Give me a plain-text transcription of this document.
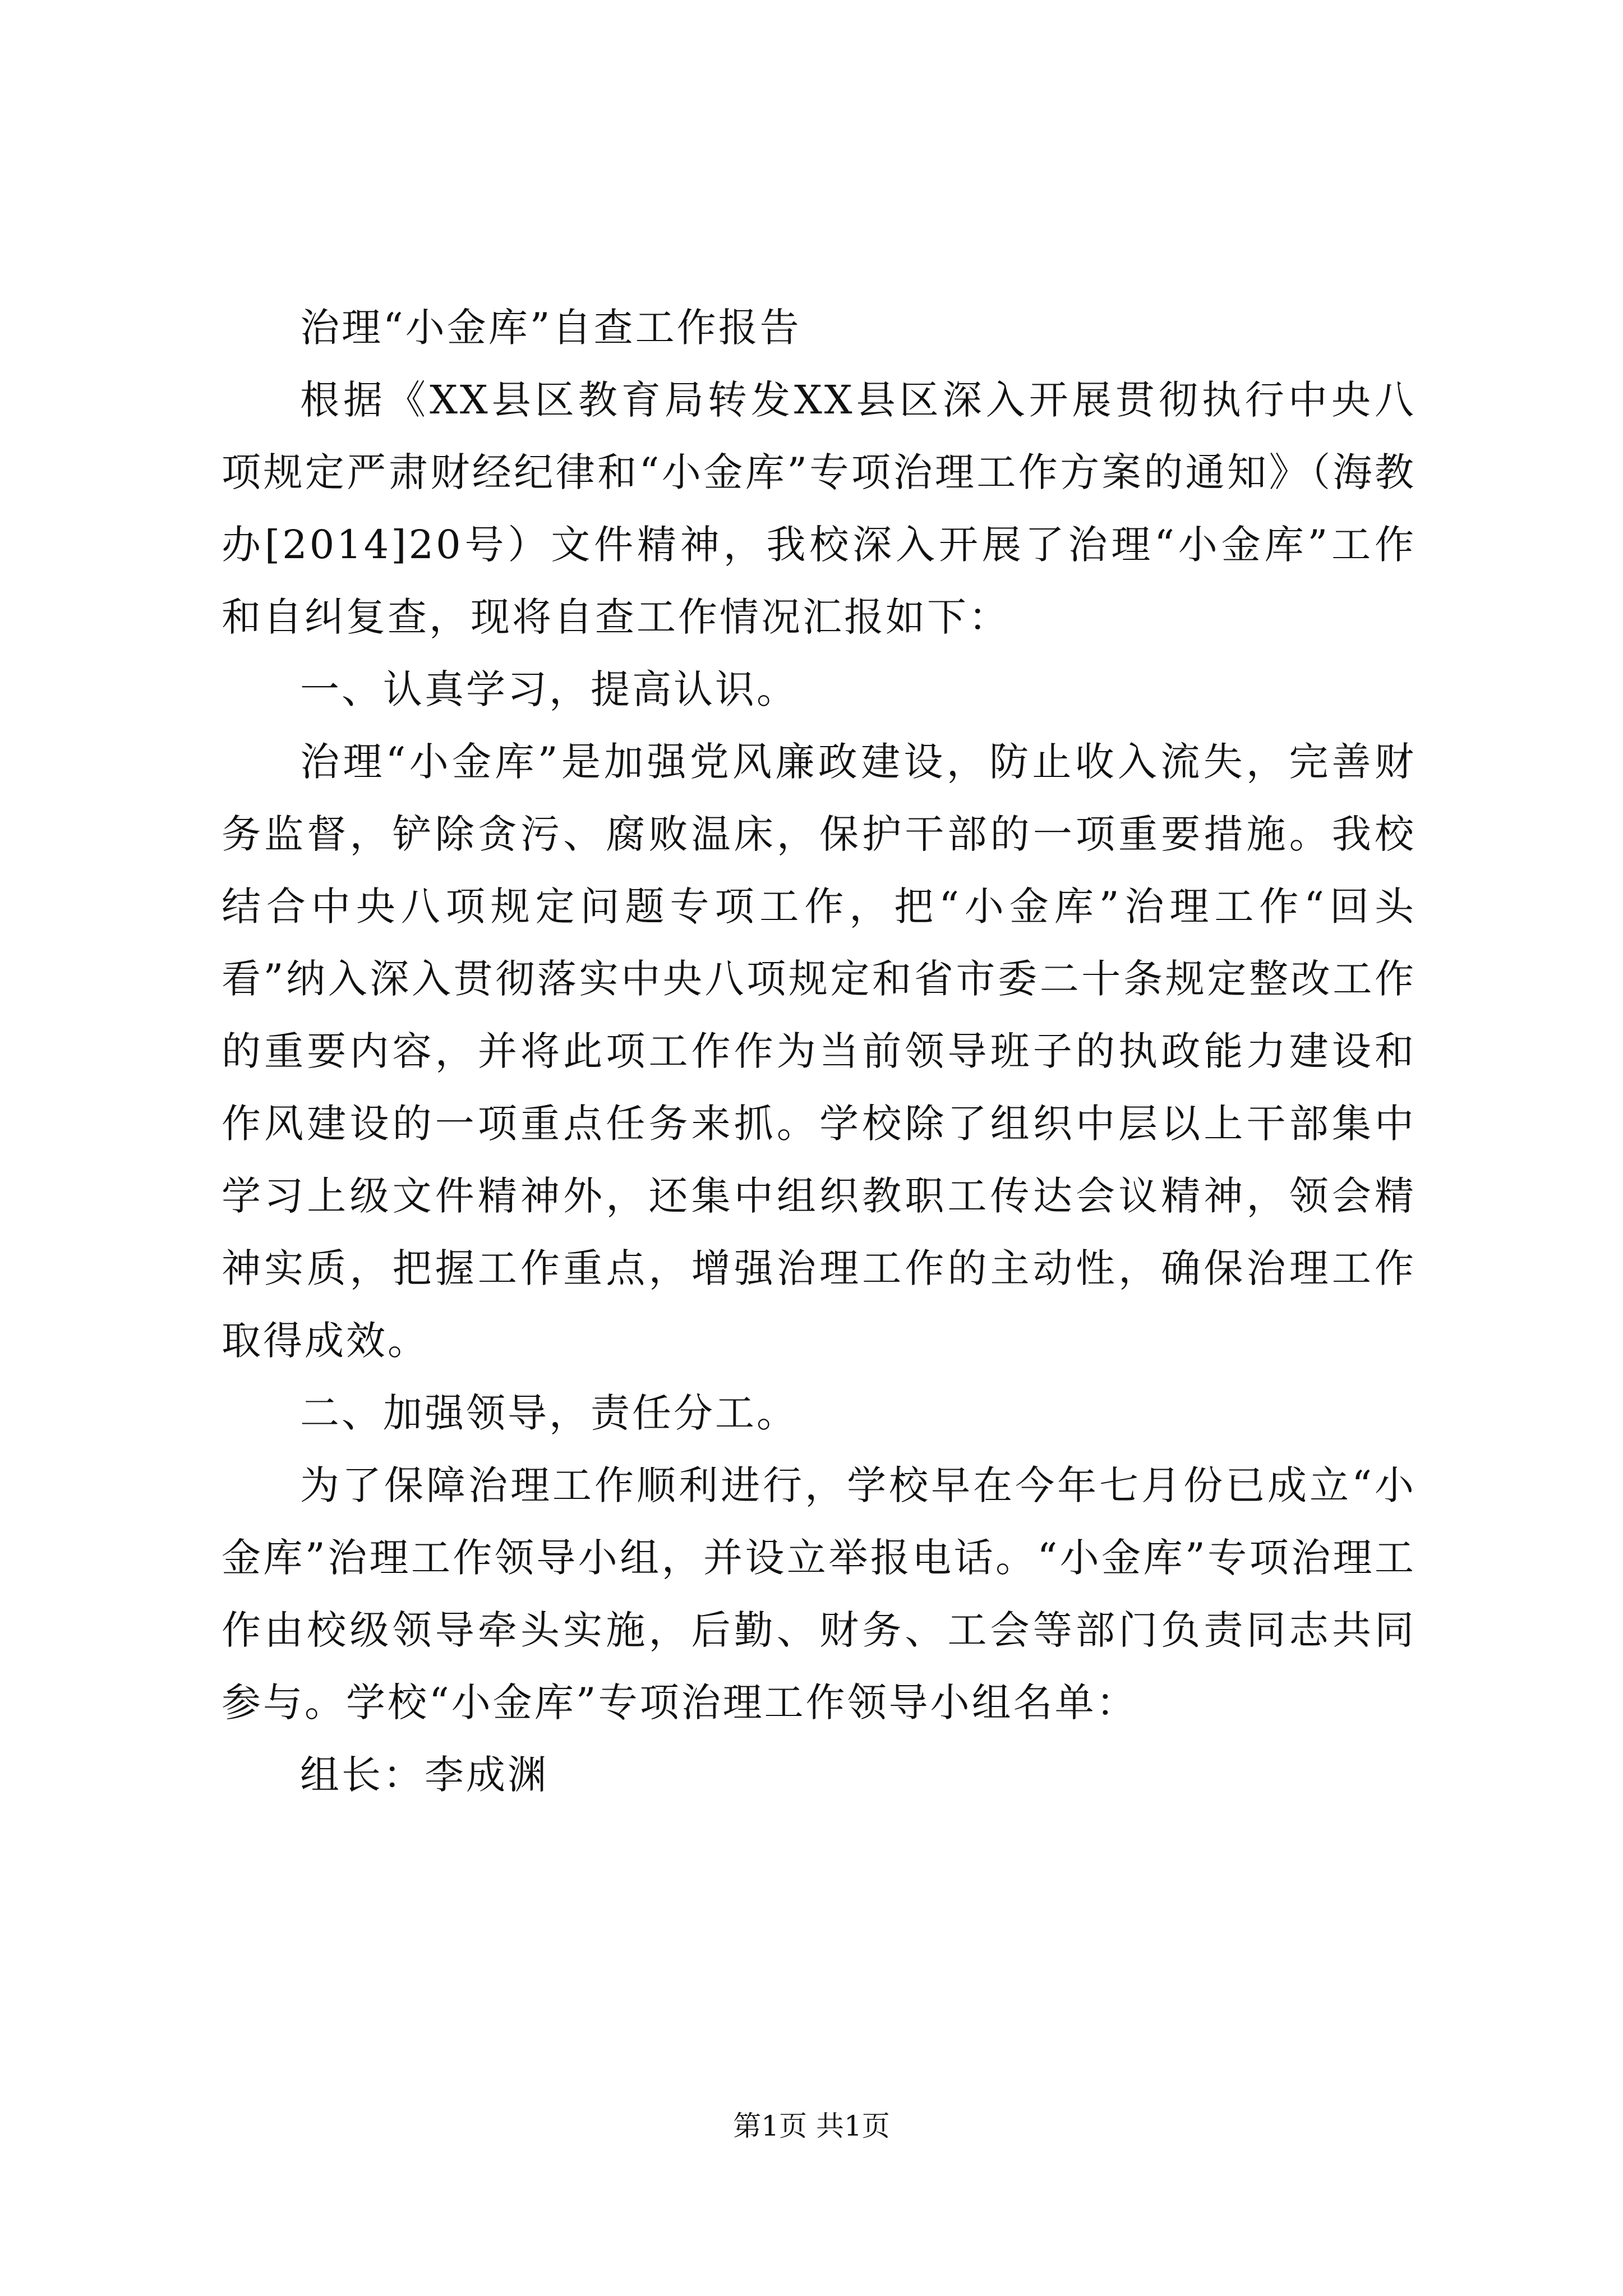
治理“小金库”自查工作报告

根据《XX县区教育局转发XX县区深入开展贯彻执行中央八项规定严肃财经纪律和“小金库”专项治理工作方案的通知》（海教办[2014]20号）文件精神，我校深入开展了治理“小金库”工作和自纠复查，现将自查工作情况汇报如下：

一、认真学习，提高认识。

治理“小金库”是加强党风廉政建设，防止收入流失，完善财务监督，铲除贪污、腐败温床，保护干部的一项重要措施。我校结合中央八项规定问题专项工作，把“小金库”治理工作“回头看”纳入深入贯彻落实中央八项规定和省市委二十条规定整改工作的重要内容，并将此项工作作为当前领导班子的执政能力建设和作风建设的一项重点任务来抓。学校除了组织中层以上干部集中学习上级文件精神外，还集中组织教职工传达会议精神，领会精神实质，把握工作重点，增强治理工作的主动性，确保治理工作取得成效。

二、加强领导，责任分工。

为了保障治理工作顺利进行，学校早在今年七月份已成立“小金库”治理工作领导小组，并设立举报电话。“小金库”专项治理工作由校级领导牵头实施，后勤、财务、工会等部门负责同志共同参与。学校“小金库”专项治理工作领导小组名单：

组长：李成渊

第1页 共1页
